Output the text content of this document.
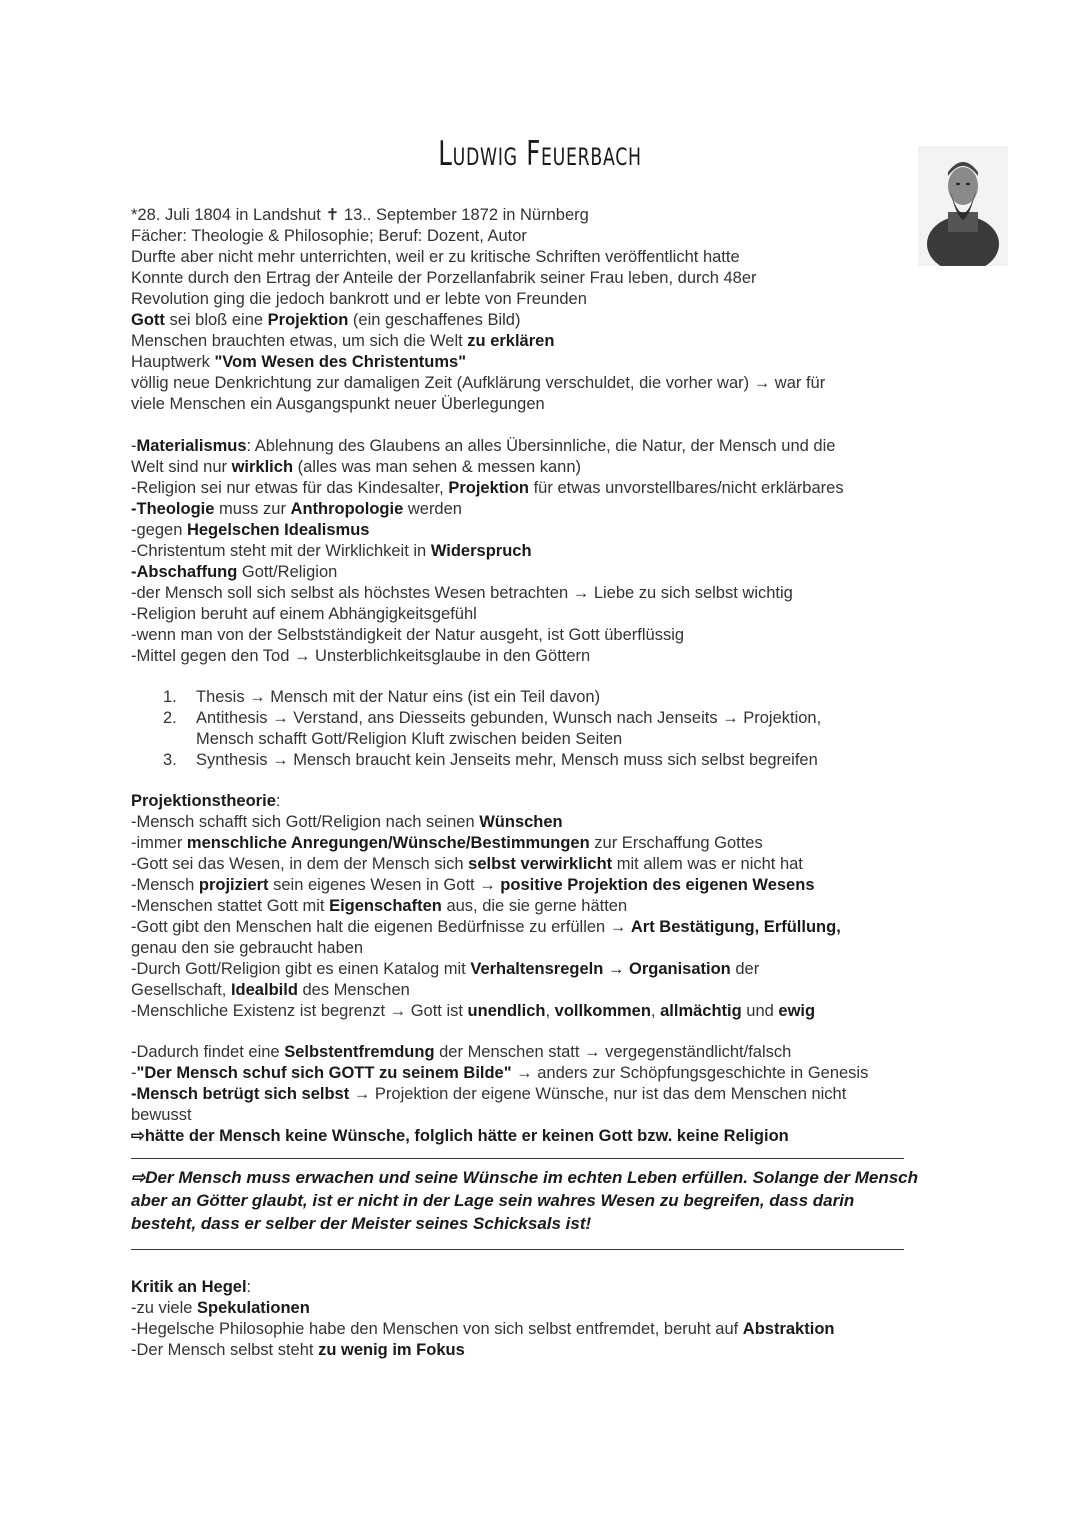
Ludwig Feuerbach
*28. Juli 1804 in Landshut ✝ 13.. September 1872 in Nürnberg
Fächer: Theologie & Philosophie; Beruf: Dozent, Autor
Durfte aber nicht mehr unterrichten, weil er zu kritische Schriften veröffentlicht hatte
Konnte durch den Ertrag der Anteile der Porzellanfabrik seiner Frau leben, durch 48er
Revolution ging die jedoch bankrott und er lebte von Freunden
Gott sei bloß eine Projektion (ein geschaffenes Bild)
Menschen brauchten etwas, um sich die Welt zu erklären
Hauptwerk "Vom Wesen des Christentums"
völlig neue Denkrichtung zur damaligen Zeit (Aufklärung verschuldet, die vorher war) → war für
viele Menschen ein Ausgangspunkt neuer Überlegungen
-Materialismus: Ablehnung des Glaubens an alles Übersinnliche, die Natur, der Mensch und die
Welt sind nur wirklich (alles was man sehen & messen kann)
-Religion sei nur etwas für das Kindesalter, Projektion für etwas unvorstellbares/nicht erklärbares
-Theologie muss zur Anthropologie werden
-gegen Hegelschen Idealismus
-Christentum steht mit der Wirklichkeit in Widerspruch
-Abschaffung Gott/Religion
-der Mensch soll sich selbst als höchstes Wesen betrachten → Liebe zu sich selbst wichtig
-Religion beruht auf einem Abhängigkeitsgefühl
-wenn man von der Selbstständigkeit der Natur ausgeht, ist Gott überflüssig
-Mittel gegen den Tod → Unsterblichkeitsglaube in den Göttern
1. Thesis → Mensch mit der Natur eins (ist ein Teil davon)
2. Antithesis → Verstand, ans Diesseits gebunden, Wunsch nach Jenseits → Projektion,
Mensch schafft Gott/Religion Kluft zwischen beiden Seiten
3. Synthesis → Mensch braucht kein Jenseits mehr, Mensch muss sich selbst begreifen
Projektionstheorie:
-Mensch schafft sich Gott/Religion nach seinen Wünschen
-immer menschliche Anregungen/Wünsche/Bestimmungen zur Erschaffung Gottes
-Gott sei das Wesen, in dem der Mensch sich selbst verwirklicht mit allem was er nicht hat
-Mensch projiziert sein eigenes Wesen in Gott → positive Projektion des eigenen Wesens
-Menschen stattet Gott mit Eigenschaften aus, die sie gerne hätten
-Gott gibt den Menschen halt die eigenen Bedürfnisse zu erfüllen → Art Bestätigung, Erfüllung,
genau den sie gebraucht haben
-Durch Gott/Religion gibt es einen Katalog mit Verhaltensregeln → Organisation der
Gesellschaft, Idealbild des Menschen
-Menschliche Existenz ist begrenzt → Gott ist unendlich, vollkommen, allmächtig und ewig
-Dadurch findet eine Selbstentfremdung der Menschen statt → vergegenständlicht/falsch
-"Der Mensch schuf sich GOTT zu seinem Bilde" → anders zur Schöpfungsgeschichte in Genesis
-Mensch betrügt sich selbst → Projektion der eigene Wünsche, nur ist das dem Menschen nicht
bewusst
⇨hätte der Mensch keine Wünsche, folglich hätte er keinen Gott bzw. keine Religion
⇨Der Mensch muss erwachen und seine Wünsche im echten Leben erfüllen. Solange der Mensch
aber an Götter glaubt, ist er nicht in der Lage sein wahres Wesen zu begreifen, dass darin
besteht, dass er selber der Meister seines Schicksals ist!
Kritik an Hegel:
-zu viele Spekulationen
-Hegelsche Philosophie habe den Menschen von sich selbst entfremdet, beruht auf Abstraktion
-Der Mensch selbst steht zu wenig im Fokus
